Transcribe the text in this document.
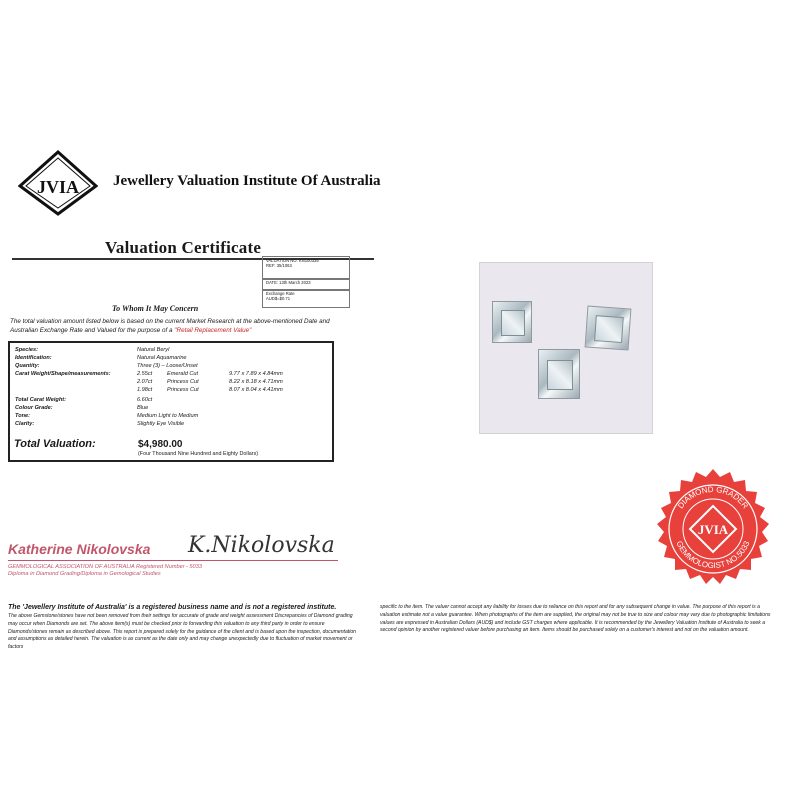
JVIA Jewellery Valuation Institute Of Australia
Valuation Certificate
VALUATION NO: KN100335
REF: 35/1063
DATE: 13th March 2023
Exchange Rate
AUD$=$0.71
To Whom It May Concern
The total valuation amount listed below is based on the current Market Research at the above-mentioned Date and Australian Exchange Rate and Valued for the purpose of a "Retail Replacement Value"
Species:	Natural Beryl
Identification:	Natural Aquamarine
Quantity:	Three (3) – Loose/Unset
Carat Weight/Shape/measurements:	2.55ct	Emerald Cut	9.77 x 7.89 x 4.84mm
2.07ct	Princess Cut	8.22 x 8.18 x 4.71mm
1.98ct	Princess Cut	8.07 x 8.04 x 4.41mm
Total Carat Weight:	6.60ct
Colour Grade:	Blue
Tone:	Medium Light to Medium
Clarity:	Slightly Eye Visible
Total Valuation:	$4,980.00
(Four Thousand Nine Hundred and Eighty Dollars)
DIAMOND GRADER
GEMMOLOGIST NO.5033
JVIA
Katherine Nikolovska K.Nikolovska
GEMMOLOGICAL ASSOCIATION OF AUSTRALIA Registered Number - 5033
Diploma in Diamond Grading/Diploma in Gemological Studies
The 'Jewellery Institute of Australia' is a registered business name and is not a registered institute.
The above Gemstone/stones have not been removed from their settings for accurate of grade and weight assessment Discrepancies of Diamond grading may occur when Diamonds are set. The above item(s) must be checked prior to forwarding this valuation to any third party in order to ensure Diamonds/stones remain as described above. This report is prepared solely for the guidance of the client and is based upon the inspection, documentation and assumptions as detailed herein. The valuation is as current as the date only and may change unexpectedly due to fluctuation of market movement or factors
specific to the item. The valuer cannot accept any liability for losses due to reliance on this report and for any subsequent change in value. The purpose of this report is a valuation estimate not a value guarantee. When photographs of the item are supplied, the original may not be true to size and colour may vary due to photographic limitations values are expressed in Australian Dollars (AUD$) and include GST charges where applicable. It is recommended by the Jewellery Valuation Institute of Australia to seek a second opinion by another registered valuer before purchasing an item. Items should be purchased solely on a customer's interest and not on the valuation amount.
